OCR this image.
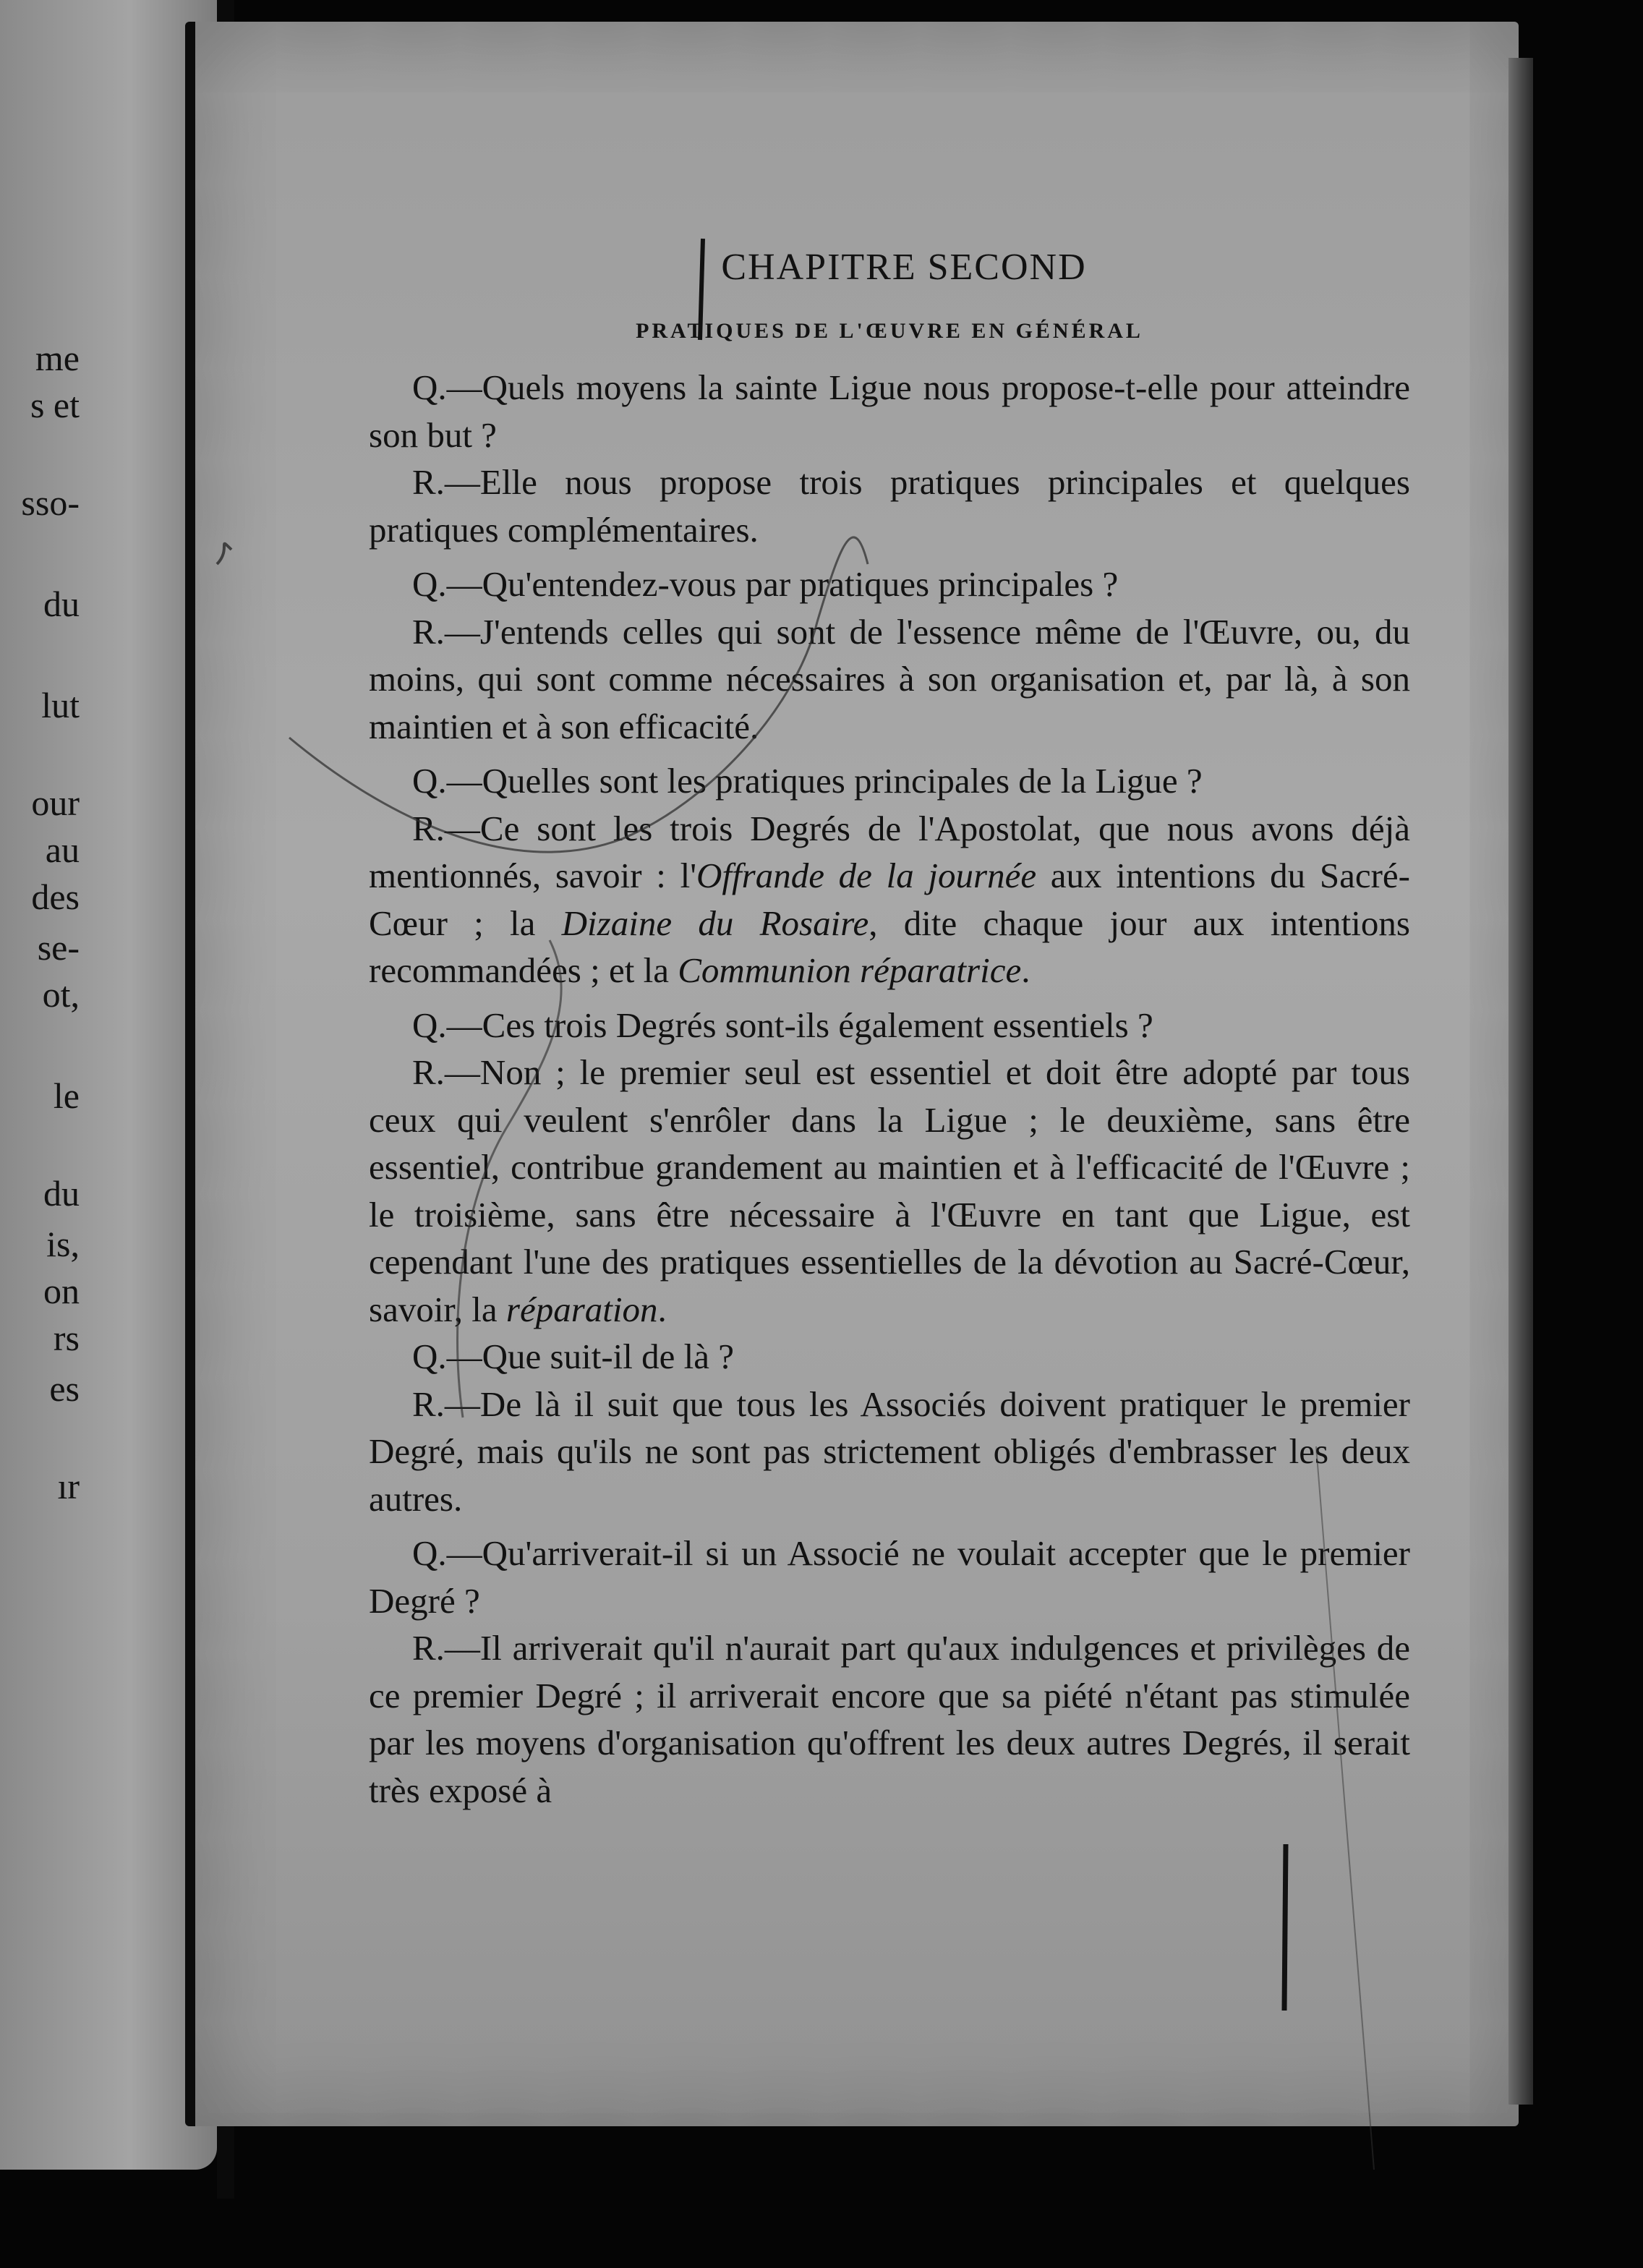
me
s et
sso-
du
lut
our
au
des
se-
ot,
le
du
is,
on
rs
es
ır
CHAPITRE SECOND
PRATIQUES DE L'ŒUVRE EN GÉNÉRAL

Q.—Quels moyens la sainte Ligue nous propose-t-elle pour atteindre son but ?

R.—Elle nous propose trois pratiques principales et quelques pratiques complémentaires.

Q.—Qu'entendez-vous par pratiques principales ?

R.—J'entends celles qui sont de l'essence même de l'Œuvre, ou, du moins, qui sont comme nécessaires à son organisation et, par là, à son maintien et à son efficacité.

Q.—Quelles sont les pratiques principales de la Ligue ?

R.—Ce sont les trois Degrés de l'Apostolat, que nous avons déjà mentionnés, savoir : l'Offrande de la journée aux intentions du Sacré-Cœur ; la Dizaine du Rosaire, dite chaque jour aux intentions recommandées ; et la Communion réparatrice.

Q.—Ces trois Degrés sont-ils également essentiels ?

R.—Non ; le premier seul est essentiel et doit être adopté par tous ceux qui veulent s'enrôler dans la Ligue ; le deuxième, sans être essentiel, contribue grandement au maintien et à l'efficacité de l'Œuvre ; le troisième, sans être nécessaire à l'Œuvre en tant que Ligue, est cependant l'une des pratiques essentielles de la dévotion au Sacré-Cœur, savoir, la réparation.

Q.—Que suit-il de là ?

R.—De là il suit que tous les Associés doivent pratiquer le premier Degré, mais qu'ils ne sont pas strictement obligés d'embrasser les deux autres.

Q.—Qu'arriverait-il si un Associé ne voulait accepter que le premier Degré ?

R.—Il arriverait qu'il n'aurait part qu'aux indulgences et privilèges de ce premier Degré ; il arriverait encore que sa piété n'étant pas stimulée par les moyens d'organisation qu'offrent les deux autres Degrés, il serait très exposé à
